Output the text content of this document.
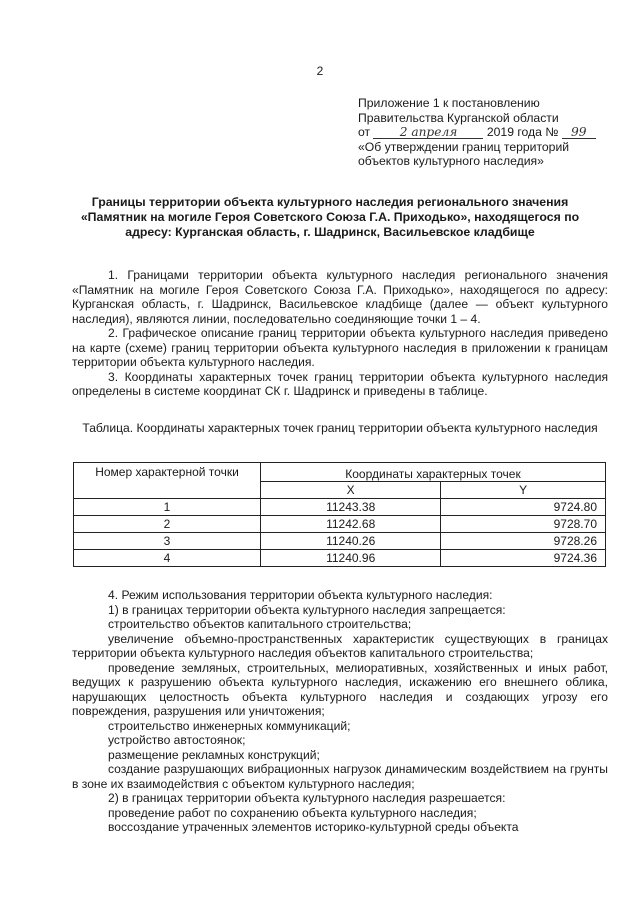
2
Приложение 1 к постановлению
Правительства Курганской области
от 2 апреля 2019 года № 99
«Об утверждении границ территорий
объектов культурного наследия»
Границы территории объекта культурного наследия регионального значения «Памятник на могиле Героя Советского Союза Г.А. Приходько», находящегося по адресу: Курганская область, г. Шадринск, Васильевское кладбище

1. Границами территории объекта культурного наследия регионального значения «Памятник на могиле Героя Советского Союза Г.А. Приходько», находящегося по адресу: Курганская область, г. Шадринск, Васильевское кладбище (далее — объект культурного наследия), являются линии, последовательно соединяющие точки 1 – 4.

2. Графическое описание границ территории объекта культурного наследия приведено на карте (схеме) границ территории объекта культурного наследия в приложении к границам территории объекта культурного наследия.

3. Координаты характерных точек границ территории объекта культурного наследия определены в системе координат СК г. Шадринск и приведены в таблице.

Таблица. Координаты характерных точек границ территории объекта культурного наследия
Номер характерной точки	Координаты характерных точек	
	X	Y
1	11243.38	9724.80
2	11242.68	9728.70
3	11240.26	9728.26
4	11240.96	9724.36

4. Режим использования территории объекта культурного наследия:

1) в границах территории объекта культурного наследия запрещается:

строительство объектов капитального строительства;

увеличение объемно-пространственных характеристик существующих в границах территории объекта культурного наследия объектов капитального строительства;

проведение земляных, строительных, мелиоративных, хозяйственных и иных работ, ведущих к разрушению объекта культурного наследия, искажению его внешнего облика, нарушающих целостность объекта культурного наследия и создающих угрозу его повреждения, разрушения или уничтожения;

строительство инженерных коммуникаций;

устройство автостоянок;

размещение рекламных конструкций;

создание разрушающих вибрационных нагрузок динамическим воздействием на грунты в зоне их взаимодействия с объектом культурного наследия;

2) в границах территории объекта культурного наследия разрешается:

проведение работ по сохранению объекта культурного наследия;

воссоздание утраченных элементов историко-культурной среды объекта
